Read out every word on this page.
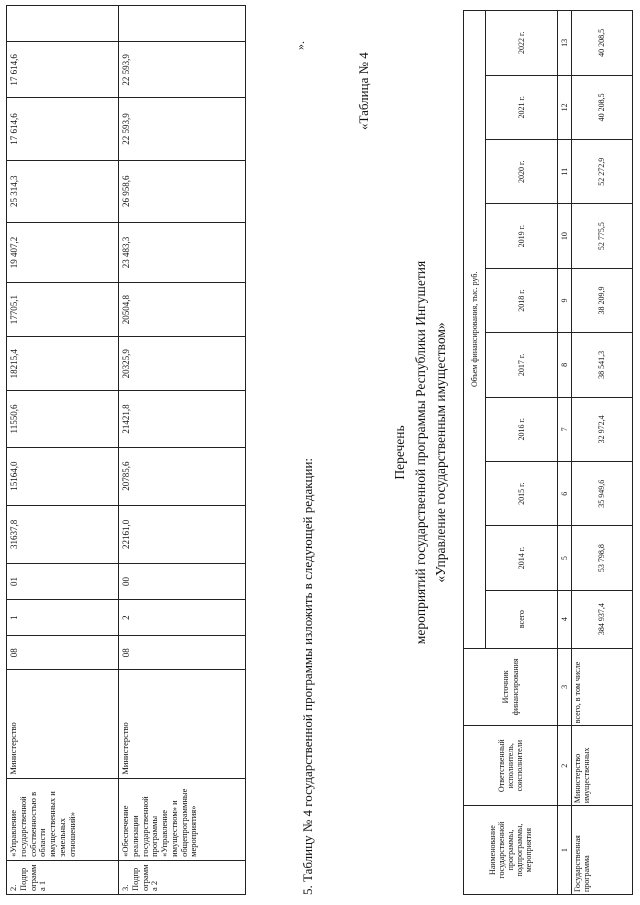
2. Подпрограмма 1	«Управление государственной собственностью в области имущественных и земельных отношений»	Министерство	08	1	01	31637,8	15164,0	11550,6	18215,4	17705,1	19 407,2	25 314,3	17 614,6	17 614,6	
3. Подпрограмма 2	«Обеспечение реализации государственной программы «Управление имуществом» и общепрограммные мероприятия»	Министерство	08	2	00	22161,0	20785,6	21421,8	20325,9	20504,8	23 483,3	26 958,6	22 593,9	22 593,9	
».
5. Таблицу № 4 государственной программы изложить в следующей редакции:
«Таблица № 4
Перечень мероприятий государственной программы Республики Ингушетия «Управление государственным имуществом»
Наименование государственной программы, подпрограммы, мероприятия	Ответственный исполнитель, соисполнители	Источник финансирования	Объем финансирования, тыс. руб.									
			всего	2014 г.	2015 г.	2016 г.	2017 г.	2018 г.	2019 г.	2020 г.	2021 г.	2022 г.
1	2	3	4	5	6	7	8	9	10	11	12	13
Государственная программа	Министерство имущественных	всего, в том числе	384 937,4	53 798,8	35 949,6	32 972,4	38 541,3	38 209,9	52 775,5	52 272,9	40 208,5	40 208,5
